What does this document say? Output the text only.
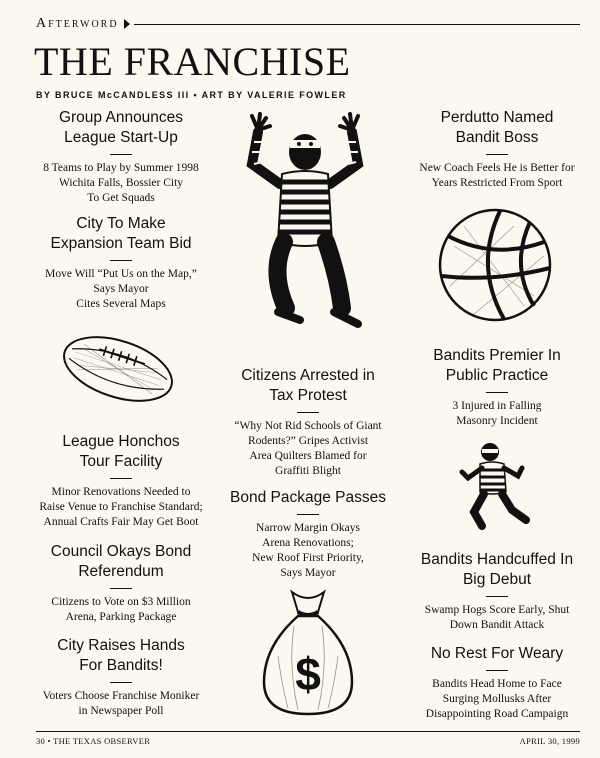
Afterword
THE FRANCHISE
BY BRUCE McCANDLESS III • ART BY VALERIE FOWLER
Group Announces
League Start-Up
8 Teams to Play by Summer 1998
Wichita Falls, Bossier City
To Get Squads
City To Make
Expansion Team Bid
Move Will “Put Us on the Map,”
Says Mayor
Cites Several Maps
League Honchos
Tour Facility
Minor Renovations Needed to
Raise Venue to Franchise Standard;
Annual Crafts Fair May Get Boot
Council Okays Bond
Referendum
Citizens to Vote on $3 Million
Arena, Parking Package
City Raises Hands
For Bandits!
Voters Choose Franchise Moniker
in Newspaper Poll
Citizens Arrested in
Tax Protest
“Why Not Rid Schools of Giant
Rodents?” Gripes Activist
Area Quilters Blamed for
Graffiti Blight
Bond Package Passes
Narrow Margin Okays
Arena Renovations;
New Roof First Priority,
Says Mayor
$
Perdutto Named
Bandit Boss
New Coach Feels He is Better for
Years Restricted From Sport
Bandits Premier In
Public Practice
3 Injured in Falling
Masonry Incident
Bandits Handcuffed In
Big Debut
Swamp Hogs Score Early, Shut
Down Bandit Attack
No Rest For Weary
Bandits Head Home to Face
Surging Mollusks After
Disappointing Road Campaign
30 • THE TEXAS OBSERVER	APRIL 30, 1999
